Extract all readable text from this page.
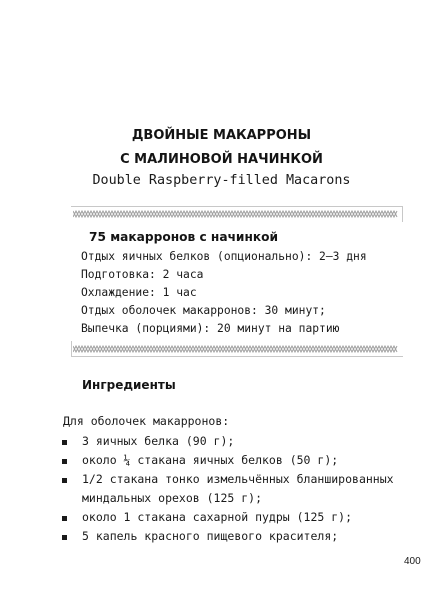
ДВОЙНЫЕ МАКАРРОНЫ
С МАЛИНОВОЙ НАЧИНКОЙ
Double Raspberry-filled Macarons
75 макарронов с начинкой
Отдых яичных белков (опционально): 2–3 дня
Подготовка: 2 часа
Охлаждение: 1 час
Отдых оболочек макарронов: 30 минут;
Выпечка (порциями): 20 минут на партию
Ингредиенты
Для оболочек макарронов:
3 яичных белка (90 г);
около ¼ стакана яичных белков (50 г);
1/2 стакана тонко измельчённых бланшированных
миндальных орехов (125 г);
около 1 стакана сахарной пудры (125 г);
5 капель красного пищевого красителя;
400
